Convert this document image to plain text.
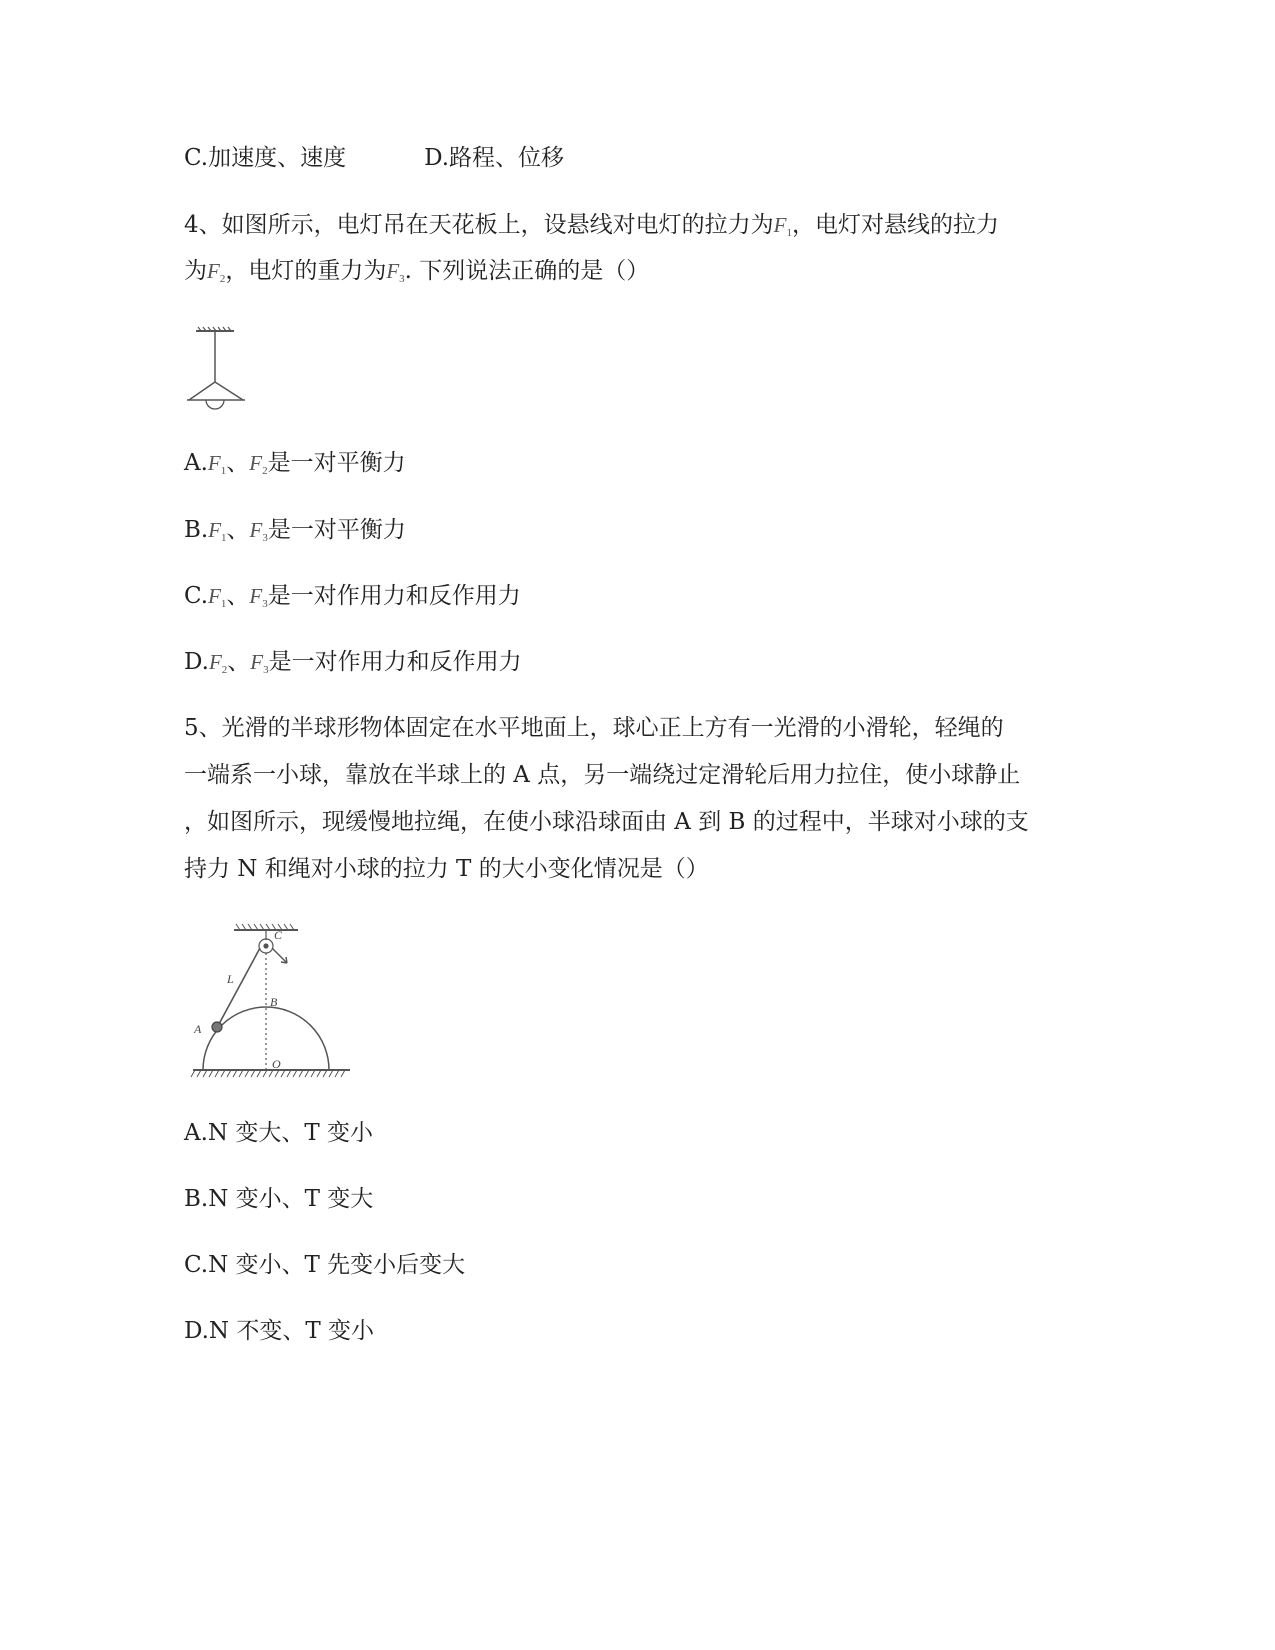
C.加速度、速度	D.路程、位移
4、如图所示，电灯吊在天花板上，设悬线对电灯的拉力为$F_1$，电灯对悬线的拉力
为$F_2$，电灯的重力为$F_3$. 下列说法正确的是（）
$A.F_1$、$F_2$是一对平衡力
$B.F_1$、$F_3$是一对平衡力
$C.F_1$、$F_3$是一对作用力和反作用力
$D.F_2$、$F_3$是一对作用力和反作用力
5、光滑的半球形物体固定在水平地面上，球心正上方有一光滑的小滑轮，轻绳的
一端系一小球，靠放在半球上的 A 点，另一端绕过定滑轮后用力拉住，使小球静止
，如图所示，现缓慢地拉绳，在使小球沿球面由 A 到 B 的过程中，半球对小球的支
持力 N 和绳对小球的拉力 T 的大小变化情况是（）
C
L
B
A
O
A.N 变大、T 变小
B.N 变小、T 变大
C.N 变小、T 先变小后变大
D.N 不变、T 变小
